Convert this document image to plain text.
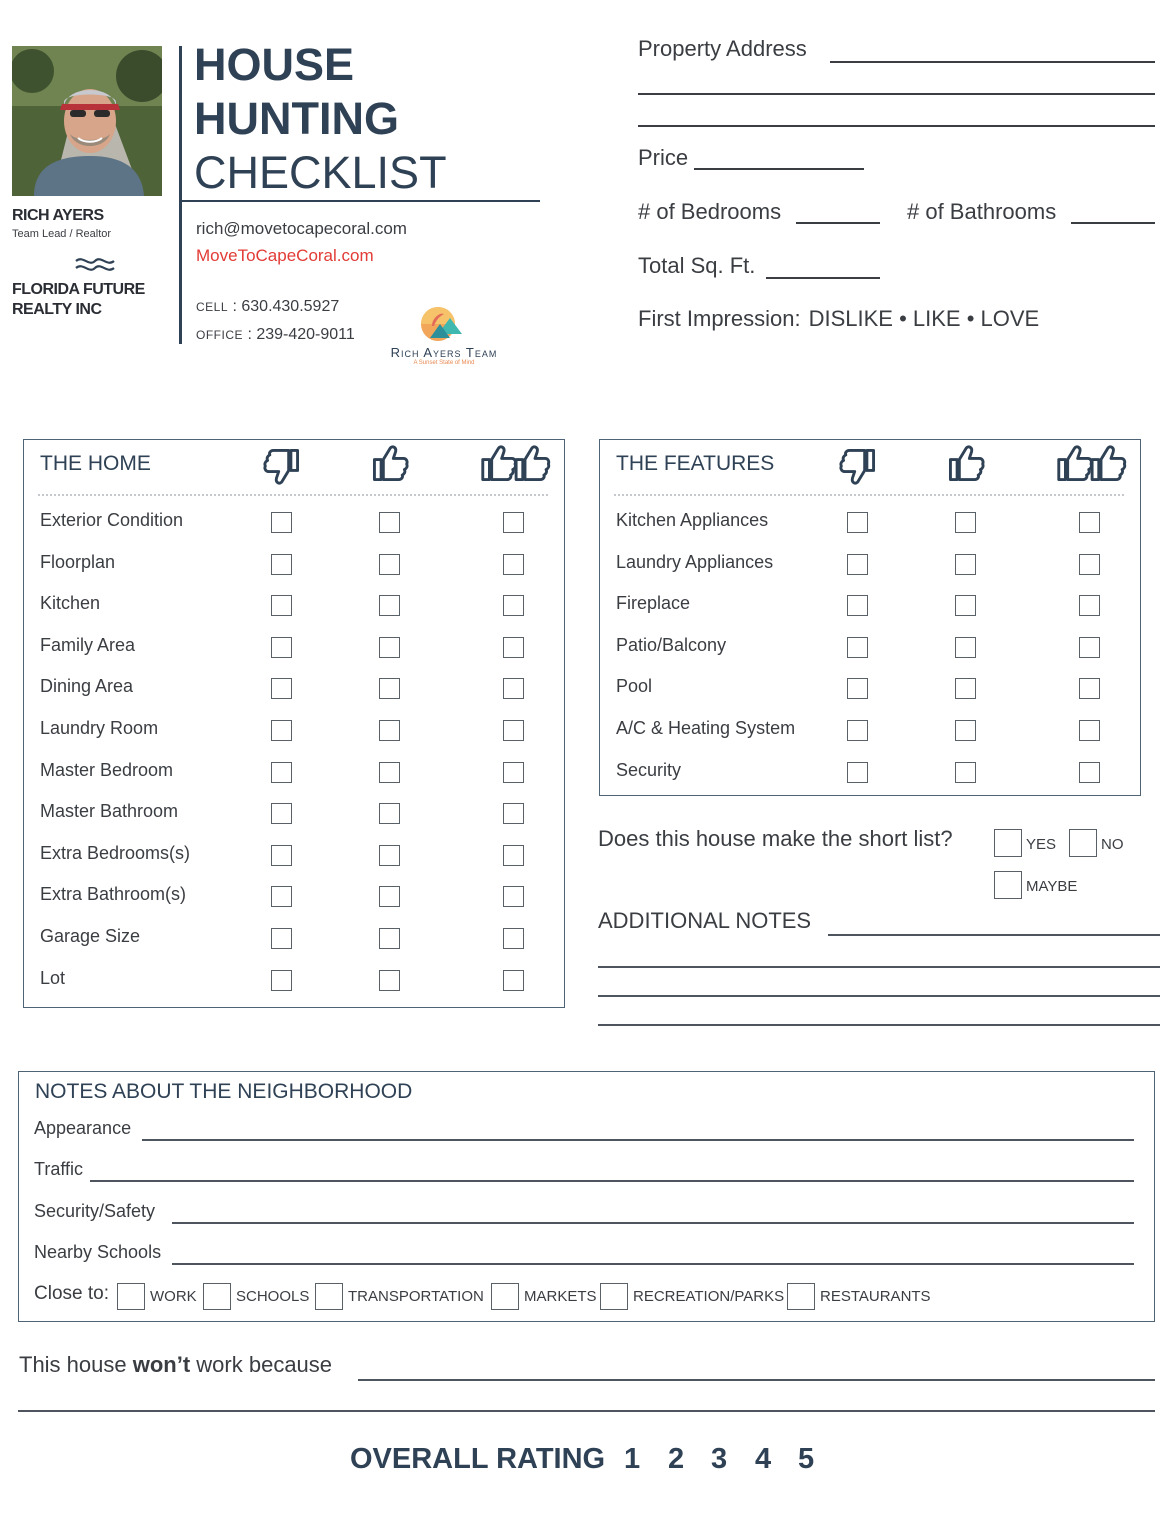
RICH AYERS
Team Lead / Realtor
FLORIDA FUTURE REALTY INC
HOUSE
HUNTING
CHECKLIST
rich@movetocapecoral.com
MoveToCapeCoral.com
CELL : 630.430.5927
OFFICE : 239-420-9011
Rich Ayers Team
A Sunset State of Mind
Property Address
Price
# of Bedrooms	# of Bathrooms
Total Sq. Ft.
First Impression: DISLIKE • LIKE • LOVE
THE HOME
Exterior Condition
Floorplan
Kitchen
Family Area
Dining Area
Laundry Room
Master Bedroom
Master Bathroom
Extra Bedrooms(s)
Extra Bathroom(s)
Garage Size
Lot
THE FEATURES
Kitchen Appliances
Laundry Appliances
Fireplace
Patio/Balcony
Pool
A/C & Heating System
Security
Does this house make the short list?	YES	NO
MAYBE
ADDITIONAL NOTES
NOTES ABOUT THE NEIGHBORHOOD
Appearance
Traffic
Security/Safety
Nearby Schools
Close to:	WORK	SCHOOLS	TRANSPORTATION	MARKETS RECREATION/PARKS RESTAURANTS
This house won’t work because
OVERALL RATING 1 2 3 4 5
